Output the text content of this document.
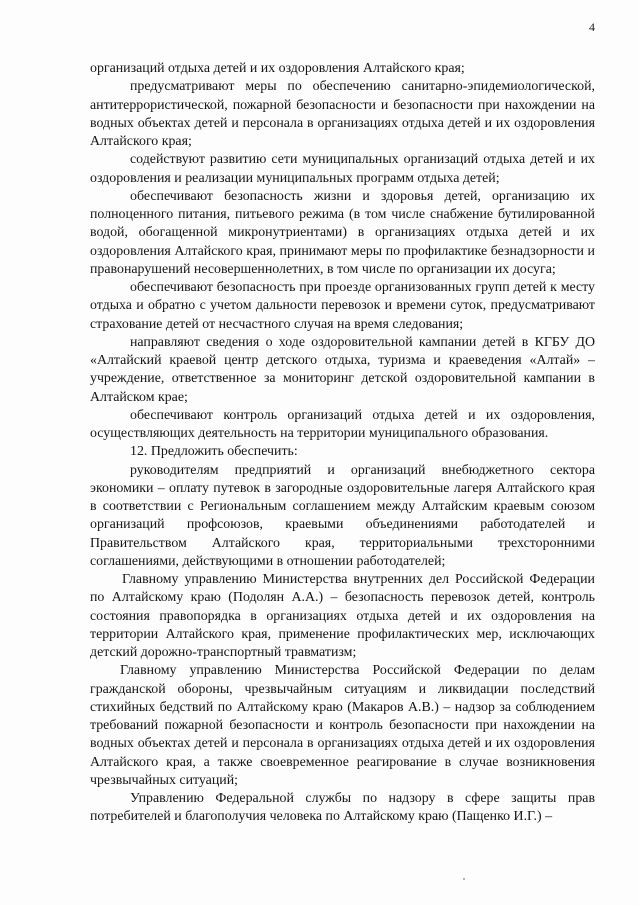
4

организаций отдыха детей и их оздоровления Алтайского края;

предусматривают меры по обеспечению санитарно-эпидемиологической, антитеррористической, пожарной безопасности и безопасности при нахождении на водных объектах детей и персонала в организациях отдыха детей и их оздоровления Алтайского края;

содействуют развитию сети муниципальных организаций отдыха детей и их оздоровления и реализации муниципальных программ отдыха детей;

обеспечивают безопасность жизни и здоровья детей, организацию их полноценного питания, питьевого режима (в том числе снабжение бутилированной водой, обогащенной микронутриентами) в организациях отдыха детей и их оздоровления Алтайского края, принимают меры по профилактике безнадзорности и правонарушений несовершеннолетних, в том числе по организации их досуга;

обеспечивают безопасность при проезде организованных групп детей к месту отдыха и обратно с учетом дальности перевозок и времени суток, предусматривают страхование детей от несчастного случая на время следования;

направляют сведения о ходе оздоровительной кампании детей в КГБУ ДО «Алтайский краевой центр детского отдыха, туризма и краеведения «Алтай» – учреждение, ответственное за мониторинг детской оздоровительной кампании в Алтайском крае;

обеспечивают контроль организаций отдыха детей и их оздоровления, осуществляющих деятельность на территории муниципального образования.

12. Предложить обеспечить:

руководителям предприятий и организаций внебюджетного сектора экономики – оплату путевок в загородные оздоровительные лагеря Алтайского края в соответствии с Региональным соглашением между Алтайским краевым союзом организаций профсоюзов, краевыми объединениями работодателей и Правительством Алтайского края, территориальными трехсторонними соглашениями, действующими в отношении работодателей;

Главному управлению Министерства внутренних дел Российской Федерации по Алтайскому краю (Подолян А.А.) – безопасность перевозок детей, контроль состояния правопорядка в организациях отдыха детей и их оздоровления на территории Алтайского края, применение профилактических мер, исключающих детский дорожно-транспортный травматизм;

Главному управлению Министерства Российской Федерации по делам гражданской обороны, чрезвычайным ситуациям и ликвидации последствий стихийных бедствий по Алтайскому краю (Макаров А.В.) – надзор за соблюдением требований пожарной безопасности и контроль безопасности при нахождении на водных объектах детей и персонала в организациях отдыха детей и их оздоровления Алтайского края, а также своевременное реагирование в случае возникновения чрезвычайных ситуаций;

Управлению Федеральной службы по надзору в сфере защиты прав потребителей и благополучия человека по Алтайскому краю (Пащенко И.Г.) –
